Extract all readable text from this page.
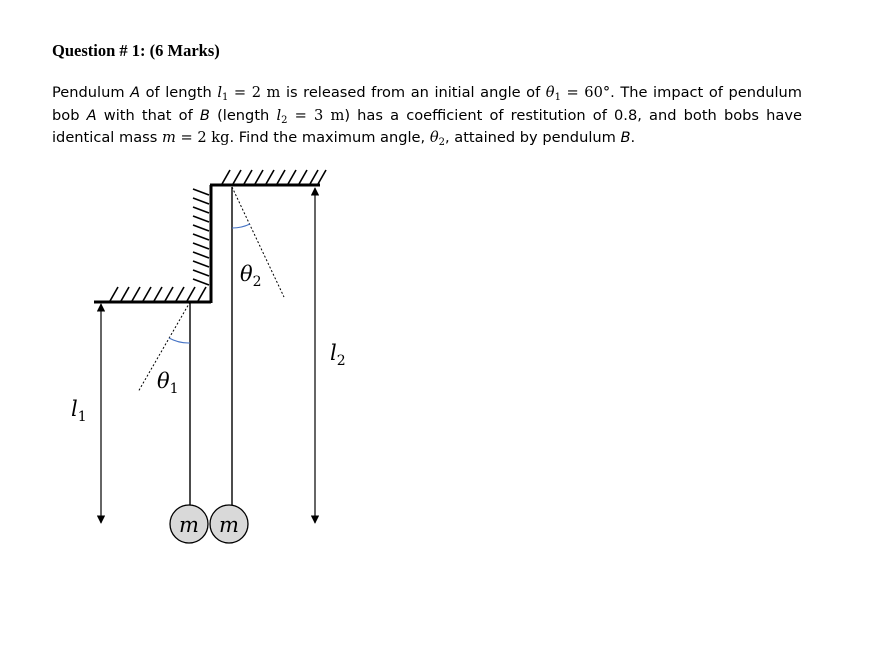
Question # 1: (6 Marks)
Pendulum A of length $l_1 = 2$ m is released from an initial angle of $\theta_1 = 60^\circ$. The impact of pendulum
bob A with that of B (length $l_2 = 3$ m) has a coefficient of restitution of 0.8, and both bobs have
identical mass m = 2 kg. Find the maximum angle, $\theta_2$, attained by pendulum B.
m m
$\theta_1$
$\theta_2$
$l_1$
$l_2$
